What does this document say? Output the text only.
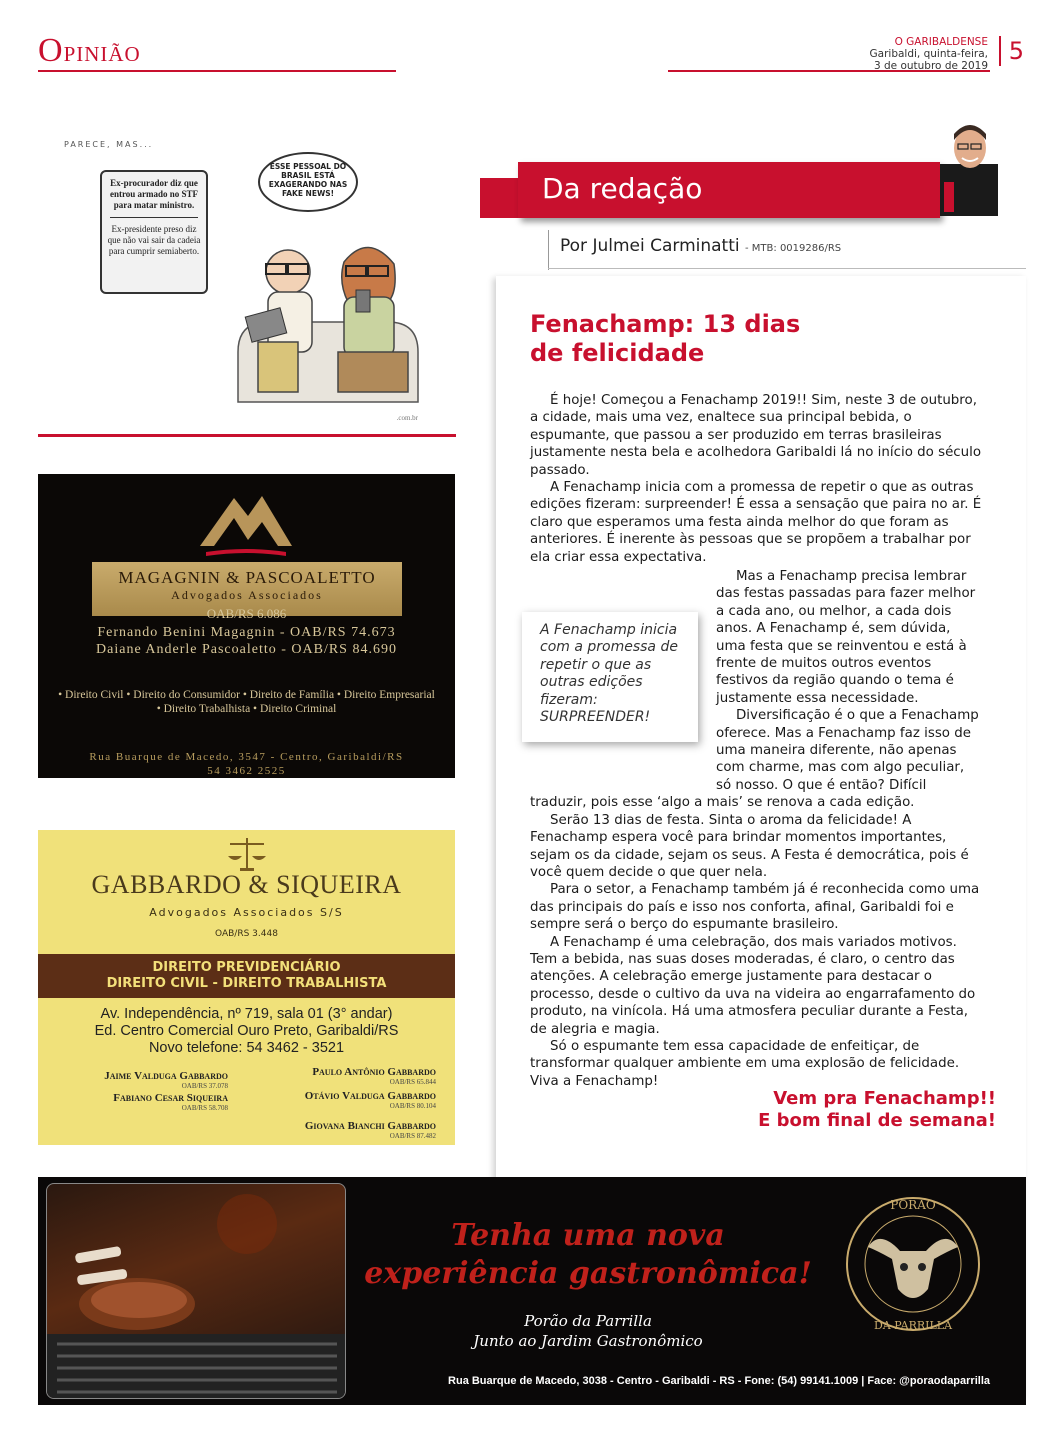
Opinião	O GARIBALDENSE
Garibaldi, quinta-feira,
3 de outubro de 2019
5
PARECE, MAS...
Ex-procurador diz que entrou armado no STF para matar ministro.
Ex-presidente preso diz que não vai sair da cadeia para cumprir semiaberto.
ESSE PESSOAL DO BRASIL ESTÁ EXAGERANDO NAS FAKE NEWS!
.com.br
Da redação
Por Julmei Carminatti - MTB: 0019286/RS
Fenachamp: 13 dias
de felicidade

É hoje! Começou a Fenachamp 2019!! Sim, neste 3 de outubro, a cidade, mais uma vez, enaltece sua principal bebida, o espumante, que passou a ser produzido em terras brasileiras justamente nesta bela e acolhedora Garibaldi lá no início do século passado.

A Fenachamp inicia com a promessa de repetir o que as outras edições fizeram: surpreender! É essa a sensação que paira no ar. É claro que esperamos uma festa ainda melhor do que foram as anteriores. É inerente às pessoas que se propõem a trabalhar por ela criar essa expectativa.

Mas a Fenachamp precisa lembrar das festas passadas para fazer melhor a cada ano, ou melhor, a cada dois anos. A Fenachamp é, sem dúvida, uma festa que se reinventou e está à frente de muitos outros eventos festivos da região quando o tema é justamente essa necessidade.

Diversificação é o que a Fenachamp oferece. Mas a Fenachamp faz isso de uma maneira diferente, não apenas com charme, mas com algo peculiar, só nosso. O que é então? Difícil traduzir, pois esse ‘algo a mais’ se renova a cada edição.

Serão 13 dias de festa. Sinta o aroma da felicidade! A Fenachamp espera você para brindar momentos importantes, sejam os da cidade, sejam os seus. A Festa é democrática, pois é você quem decide o que quer nela.

Para o setor, a Fenachamp também já é reconhecida como uma das principais do país e isso nos conforta, afinal, Garibaldi foi e sempre será o berço do espumante brasileiro.

A Fenachamp é uma celebração, dos mais variados motivos. Tem a bebida, nas suas doses moderadas, é claro, o centro das atenções. A celebração emerge justamente para destacar o processo, desde o cultivo da uva na videira ao engarrafamento do produto, na vinícola. Há uma atmosfera peculiar durante a Festa, de alegria e magia.

Só o espumante tem essa capacidade de enfeitiçar, de transformar qualquer ambiente em uma explosão de felicidade. Viva a Fenachamp!

A Fenachamp inicia com a promessa de repetir o que as outras edições fizeram: SURPREENDER!
Vem pra Fenachamp!!
E bom final de semana!
MAGAGNIN & PASCOALETTO
Advogados Associados
OAB/RS 6.086
Fernando Benini Magagnin - OAB/RS 74.673
Daiane Anderle Pascoaletto - OAB/RS 84.690
• Direito Civil • Direito do Consumidor • Direito de Família • Direito Empresarial
• Direito Trabalhista • Direito Criminal
Rua Buarque de Macedo, 3547 - Centro, Garibaldi/RS
54 3462 2525
GABBARDO & SIQUEIRA
Advogados Associados S/S
OAB/RS 3.448
DIREITO PREVIDENCIÁRIO
DIREITO CIVIL - DIREITO TRABALHISTA
Av. Independência, nº 719, sala 01 (3° andar)
Ed. Centro Comercial Ouro Preto, Garibaldi/RS
Novo telefone: 54 3462 - 3521
Jaime Valduga Gabbardo
OAB/RS 37.078
Paulo Antônio Gabbardo
OAB/RS 65.844
Fabiano Cesar Siqueira
OAB/RS 58.708
Otávio Valduga Gabbardo
OAB/RS 80.104
Giovana Bianchi Gabbardo
OAB/RS 87.482
Tenha uma nova
experiência gastronômica!
Porão da Parrilla
Junto ao Jardim Gastronômico
PORÃO
DA PARRILLA
Rua Buarque de Macedo, 3038 - Centro - Garibaldi - RS - Fone: (54) 99141.1009 | Face: @poraodaparrilla
